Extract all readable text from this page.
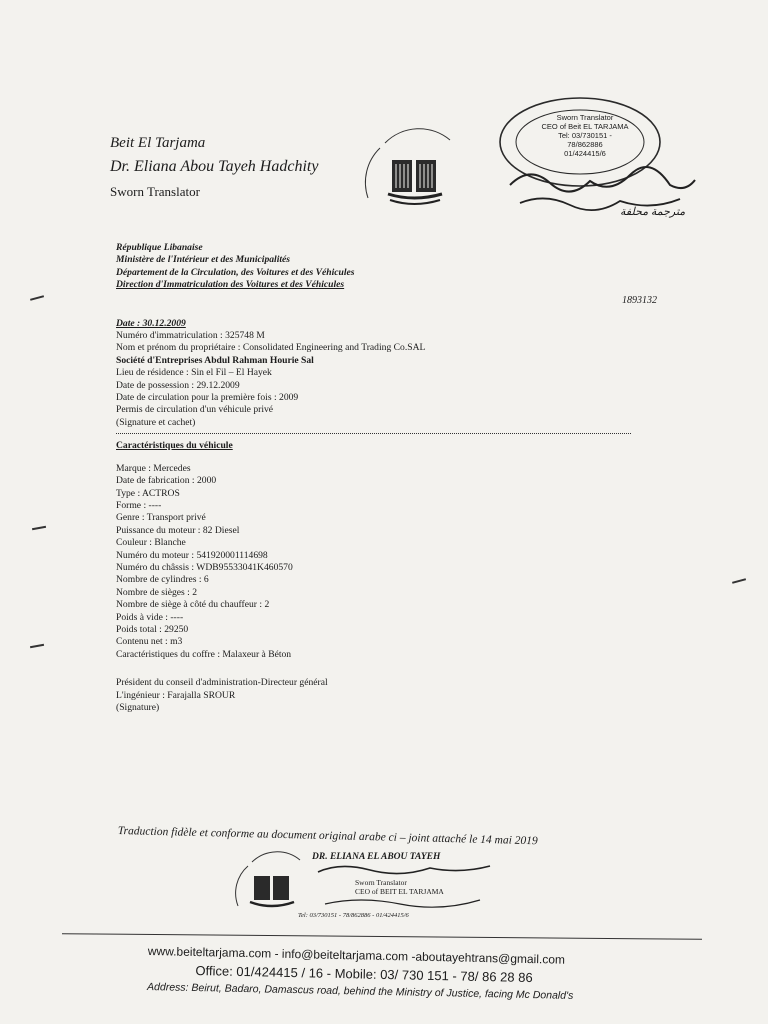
Beit El Tarjama
Dr. Eliana Abou Tayeh Hadchity
Sworn Translator
Sworn Translator
CEO of Beit EL TARJAMA
Tel: 03/730151 - 78/862886
01/424415/6
مترجمة محلفة
1893132
République Libanaise
Ministère de l'Intérieur et des Municipalités
Département de la Circulation, des Voitures et des Véhicules
Direction d'Immatriculation des Voitures et des Véhicules
Date : 30.12.2009
Numéro d'immatriculation : 325748 M
Nom et prénom du propriétaire : Consolidated Engineering and Trading Co.SAL
Société d'Entreprises Abdul Rahman Hourie Sal
Lieu de résidence : Sin el Fil – El Hayek
Date de possession : 29.12.2009
Date de circulation pour la première fois : 2009
Permis de circulation d'un véhicule privé
(Signature et cachet)
Caractéristiques du véhicule
Marque : Mercedes
Date de fabrication : 2000
Type : ACTROS
Forme : ----
Genre : Transport privé
Puissance du moteur : 82 Diesel
Couleur : Blanche
Numéro du moteur : 541920001114698
Numéro du châssis : WDB95533041K460570
Nombre de cylindres : 6
Nombre de sièges : 2
Nombre de siège à côté du chauffeur : 2
Poids à vide : ----
Poids total : 29250
Contenu net : m3
Caractéristiques du coffre : Malaxeur à Béton
Président du conseil d'administration-Directeur général
L'ingénieur : Farajalla SROUR
(Signature)
Traduction fidèle et conforme au document original arabe ci – joint attaché le 14 mai 2019
DR. ELIANA EL ABOU TAYEH
Sworn Translator
CEO of BEIT EL TARJAMA
Tel: 03/730151 - 78/862886 - 01/424415/6
www.beiteltarjama.com - info@beiteltarjama.com -aboutayehtrans@gmail.com
Office: 01/424415 / 16 - Mobile: 03/ 730 151 - 78/ 86 28 86
Address: Beirut, Badaro, Damascus road, behind the Ministry of Justice, facing Mc Donald's
